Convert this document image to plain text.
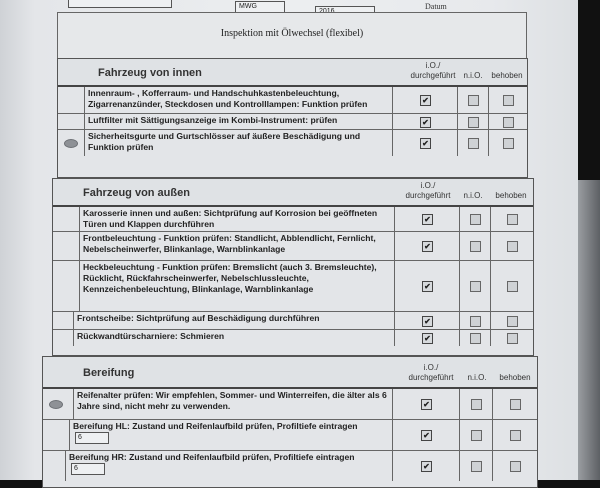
MWG	Datum
Inspektion mit Ölwechsel (flexibel)
Fahrzeug von innen
i.O./
durchgeführt n.i.O.	behoben
Innenraum- , Kofferraum- und Handschuhkastenbeleuchtung, Zigarrenanzünder, Steckdosen und Kontrolllampen: Funktion prüfen	✔
Luftfilter mit Sättigungsanzeige im Kombi-Instrument: prüfen	✔
Sicherheitsgurte und Gurtschlösser auf äußere Beschädigung und Funktion prüfen	✔
Fahrzeug von außen
i.O./
durchgeführt	n.i.O.	behoben
Karosserie innen und außen: Sichtprüfung auf Korrosion bei geöffneten Türen und Klappen durchführen	✔
Frontbeleuchtung - Funktion prüfen: Standlicht, Abblendlicht, Fernlicht, Nebelscheinwerfer, Blinkanlage, Warnblinkanlage	✔
Heckbeleuchtung - Funktion prüfen: Bremslicht (auch 3. Bremsleuchte), Rücklicht, Rückfahrscheinwerfer, Nebelschlussleuchte, Kennzeichenbeleuchtung, Blinkanlage, Warnblinkanlage	✔
Frontscheibe: Sichtprüfung auf Beschädigung durchführen	✔
Rückwandtürscharniere: Schmieren	✔
Bereifung	i.O./
durchgeführt	n.i.O.	behoben
Reifenalter prüfen: Wir empfehlen, Sommer- und Winterreifen, die älter als 6 Jahre sind, nicht mehr zu verwenden.	✔
Bereifung HL: Zustand und Reifenlaufbild prüfen, Profiltiefe eintragen 6	✔
Bereifung HR: Zustand und Reifenlaufbild prüfen, Profiltiefe eintragen 6	✔
